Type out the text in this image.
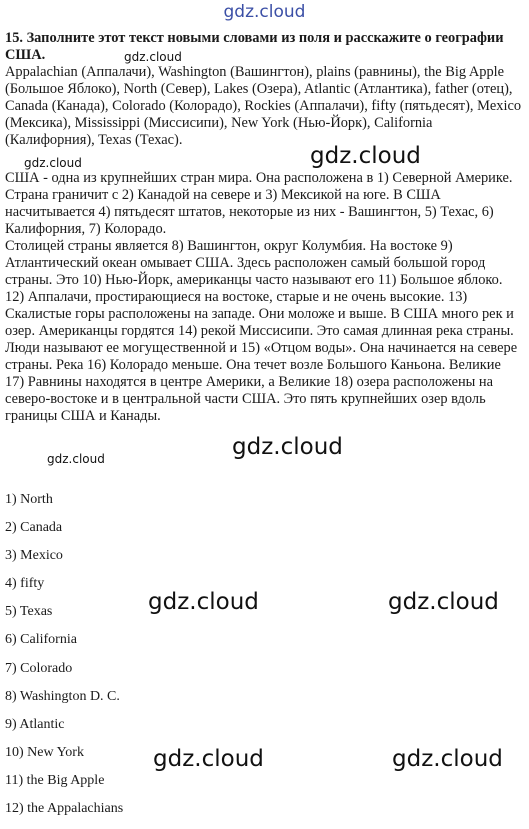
gdz.cloud
15. Заполните этот текст новыми словами из поля и расскажите о географии США.
Appalachian (Аппалачи), Washington (Вашингтон), plains (равнины), the Big Apple (Большое Яблоко), North (Север), Lakes (Озера), Atlantic (Атлантика), father (отец), Canada (Канада), Colorado (Колорадо), Rockies (Аппалачи), fifty (пятьдесят), Mexico (Мексика), Mississippi (Миссисипи), New York (Нью-Йорк), California (Калифорния), Texas (Техас).

США - одна из крупнейших стран мира. Она расположена в 1) Северной Америке. Страна граничит с 2) Канадой на севере и 3) Мексикой на юге. В США насчитывается 4) пятьдесят штатов, некоторые из них - Вашингтон, 5) Техас, 6) Калифорния, 7) Колорадо.

Столицей страны является 8) Вашингтон, округ Колумбия. На востоке 9) Атлантический океан омывает США. Здесь расположен самый большой город страны. Это 10) Нью-Йорк, американцы часто называют его 11) Большое яблоко. 12) Аппалачи, простирающиеся на востоке, старые и не очень высокие. 13) Скалистые горы расположены на западе. Они моложе и выше. В США много рек и озер. Американцы гордятся 14) рекой Миссисипи. Это самая длинная река страны. Люди называют ее могущественной и 15) «Отцом воды». Она начинается на севере страны. Река 16) Колорадо меньше. Она течет возле Большого Каньона. Великие 17) Равнины находятся в центре Америки, а Великие 18) озера расположены на северо-востоке и в центральной части США. Это пять крупнейших озер вдоль границы США и Канады.

1) North
2) Canada
3) Mexico
4) fifty
5) Texas
6) California
7) Colorado
8) Washington D. C.
9) Atlantic
10) New York
11) the Big Apple
12) the Appalachians
gdz.cloud
gdz.cloud	gdz.cloud
gdz.cloud
gdz.cloud
gdz.cloud	gdz.cloud
gdz.cloud	gdz.cloud
